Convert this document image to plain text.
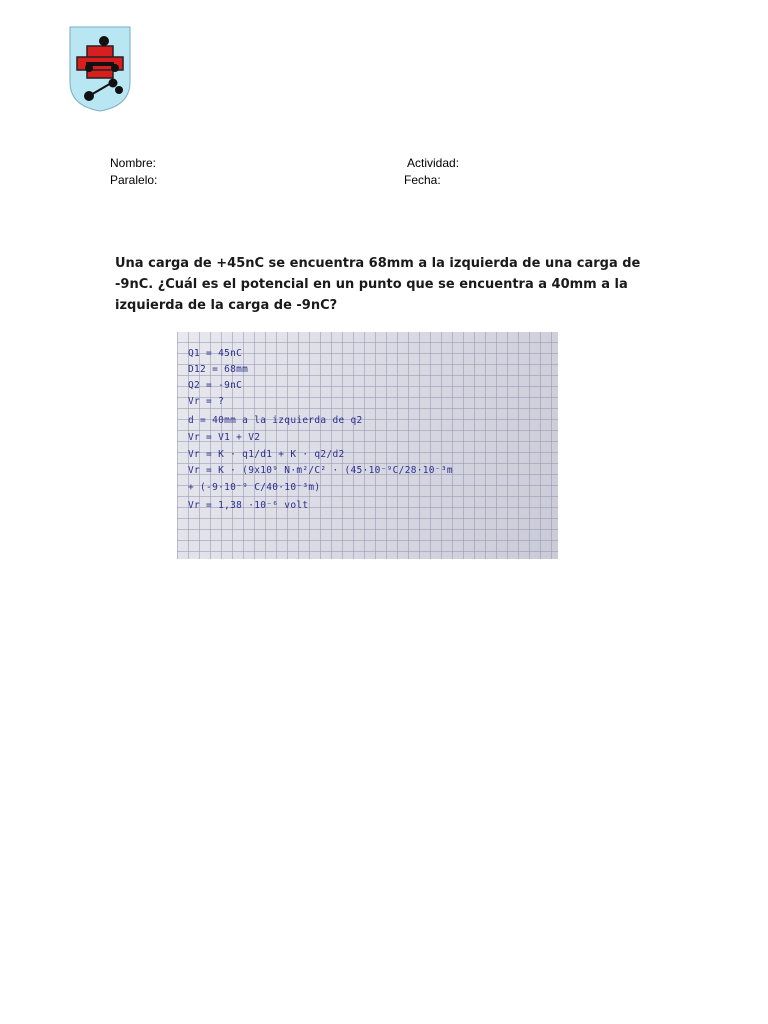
Nombre:	Actividad:
Paralelo:	Fecha:
Una carga de +45nC se encuentra 68mm a la izquierda de una carga de -9nC. ¿Cuál es el potencial en un punto que se encuentra a 40mm a la izquierda de la carga de -9nC?
Q1 = 45nC
D12 = 68mm
Q2 = -9nC
Vr = ?
d = 40mm a la izquierda de q2
Vr = V1 + V2
Vr = K · q1/d1 + K · q2/d2
Vr = K · (9x10⁹ N·m²/C² · (45·10⁻⁹C/28·10⁻³m
+ (-9·10⁻⁹ C/40·10⁻³m)
Vr = 1,38 ·10⁻⁶ volt
